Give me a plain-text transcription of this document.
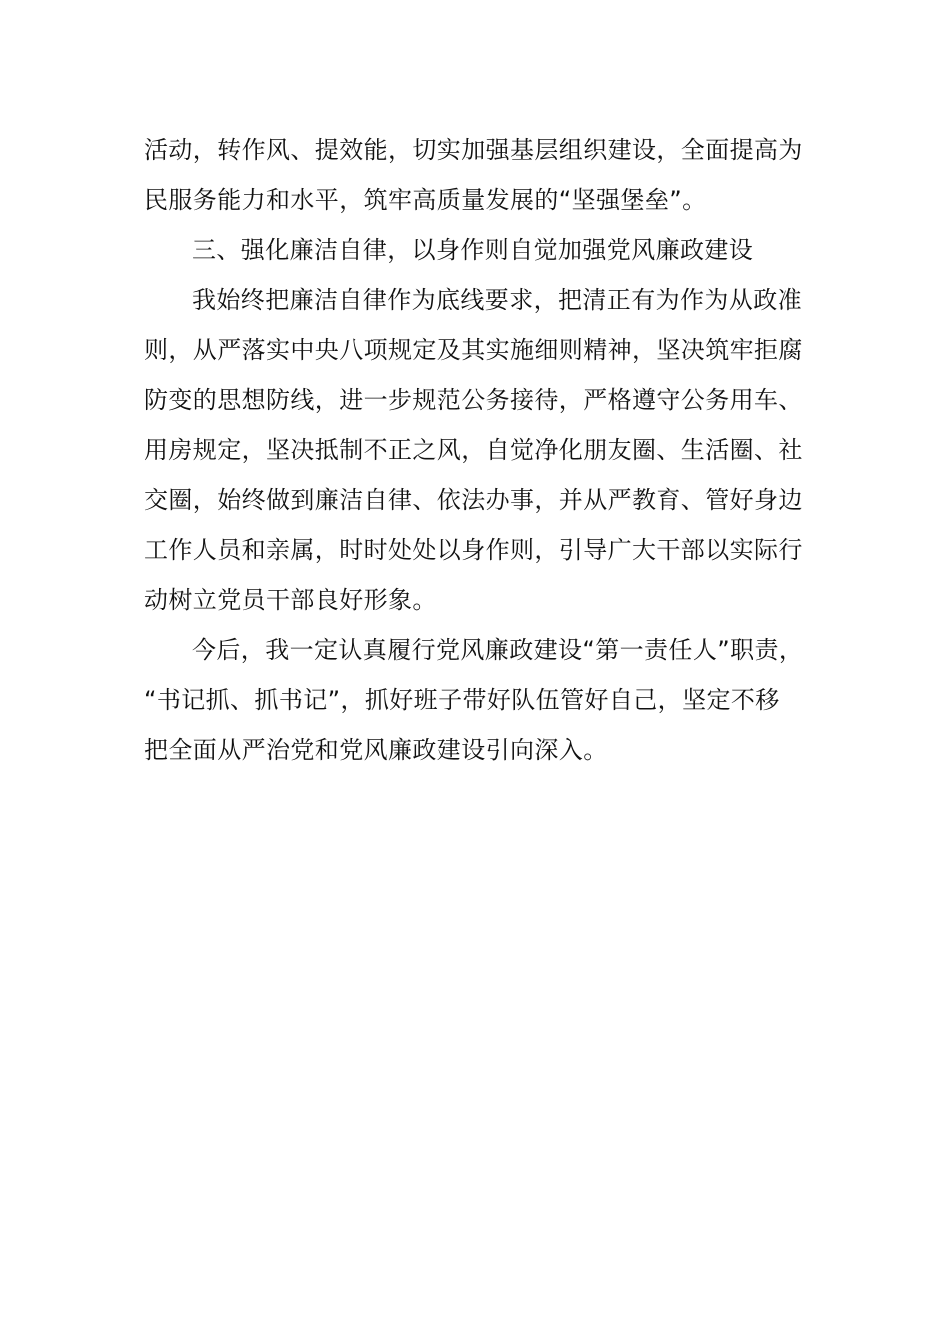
活动，转作风、提效能，切实加强基层组织建设，全面提高为
民服务能力和水平，筑牢高质量发展的“坚强堡垒”。
三、强化廉洁自律，以身作则自觉加强党风廉政建设
我始终把廉洁自律作为底线要求，把清正有为作为从政准
则，从严落实中央八项规定及其实施细则精神，坚决筑牢拒腐
防变的思想防线，进一步规范公务接待，严格遵守公务用车、
用房规定，坚决抵制不正之风，自觉净化朋友圈、生活圈、社
交圈，始终做到廉洁自律、依法办事，并从严教育、管好身边
工作人员和亲属，时时处处以身作则，引导广大干部以实际行
动树立党员干部良好形象。
今后，我一定认真履行党风廉政建设“第一责任人”职责，
“书记抓、抓书记”，抓好班子带好队伍管好自己，坚定不移
把全面从严治党和党风廉政建设引向深入。
